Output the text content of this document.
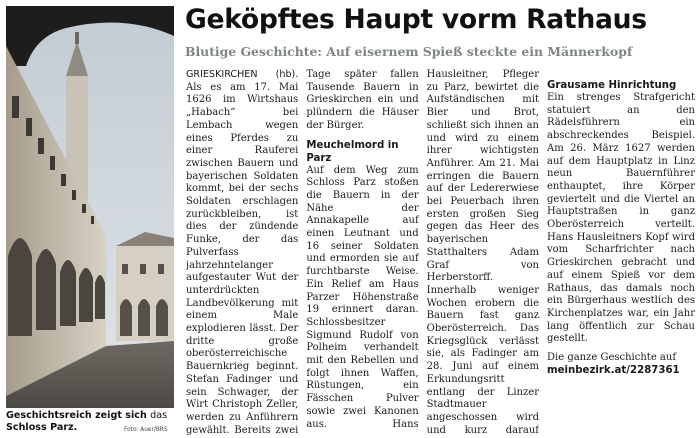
Geschichtsreich zeigt sich das
Schloss Parz.	Foto: Auer/BRS
Geköpftes Haupt vorm Rathaus
Blutige Geschichte: Auf eisernem Spieß steckte ein Männerkopf

GRIESKIRCHEN (hb). Als es am 17. Mai 1626 im Wirtshaus „Habach“ bei Lembach wegen eines Pferdes zu einer Rauferei zwischen Bauern und bayerischen Soldaten kommt, bei der sechs Soldaten erschlagen zurückbleiben, ist dies der zündende Funke, der das Pulverfass jahrzehntelanger aufgestauter Wut der unterdrückten Landbevölkerung mit einem Male explodieren lässt. Der dritte große oberösterreichische Bauernkrieg beginnt. Stefan Fadinger und sein Schwager, der Wirt Christoph Zeller, werden zu Anführern gewählt. Bereits zwei Tage später fallen Tausende Bauern in Grieskirchen ein und plündern die Häuser der Bürger.

Meuchelmord in Parz

Auf dem Weg zum Schloss Parz stoßen die Bauern in der Nähe der Annakapelle auf einen Leutnant und 16 seiner Soldaten und ermorden sie auf furchtbarste Weise. Ein Relief am Haus Parzer Höhenstraße 19 erinnert daran. Schlossbesitzer Sigmund Rudolf von Polheim verhandelt mit den Rebellen und folgt ihnen Waffen, Rüstungen, ein Fässchen Pulver sowie zwei Kanonen aus. Hans Hausleitner, Pfleger zu Parz, bewirtet die Aufständischen mit Bier und Brot, schließt sich ihnen an und wird zu einem ihrer wichtigsten Anführer. Am 21. Mai erringen die Bauern auf der Ledererwiese bei Peuerbach ihren ersten großen Sieg gegen das Heer des bayerischen Statthalters Adam Graf von Herberstorff. Innerhalb weniger Wochen erobern die Bauern fast ganz Oberösterreich. Das Kriegsglück verlässt sie, als Fadinger am 28. Juni auf einem Erkundungsritt entlang der Linzer Stadtmauer angeschossen wird und kurz darauf

Grausame Hinrichtung

Ein strenges Strafgericht statuiert an den Rädelsführern ein abschreckendes Beispiel. Am 26. März 1627 werden auf dem Hauptplatz in Linz neun Bauernführer enthauptet, ihre Körper geviertelt und die Viertel an Hauptstraßen in ganz Oberösterreich verteilt. Hans Hausleitners Kopf wird vom Scharfrichter nach Grieskirchen gebracht und auf einem Spieß vor dem Rathaus, das damals noch ein Bürgerhaus westlich des Kirchenplatzes war, ein Jahr lang öffentlich zur Schau gestellt.

Die ganze Geschichte auf

meinbezirk.at/2287361
